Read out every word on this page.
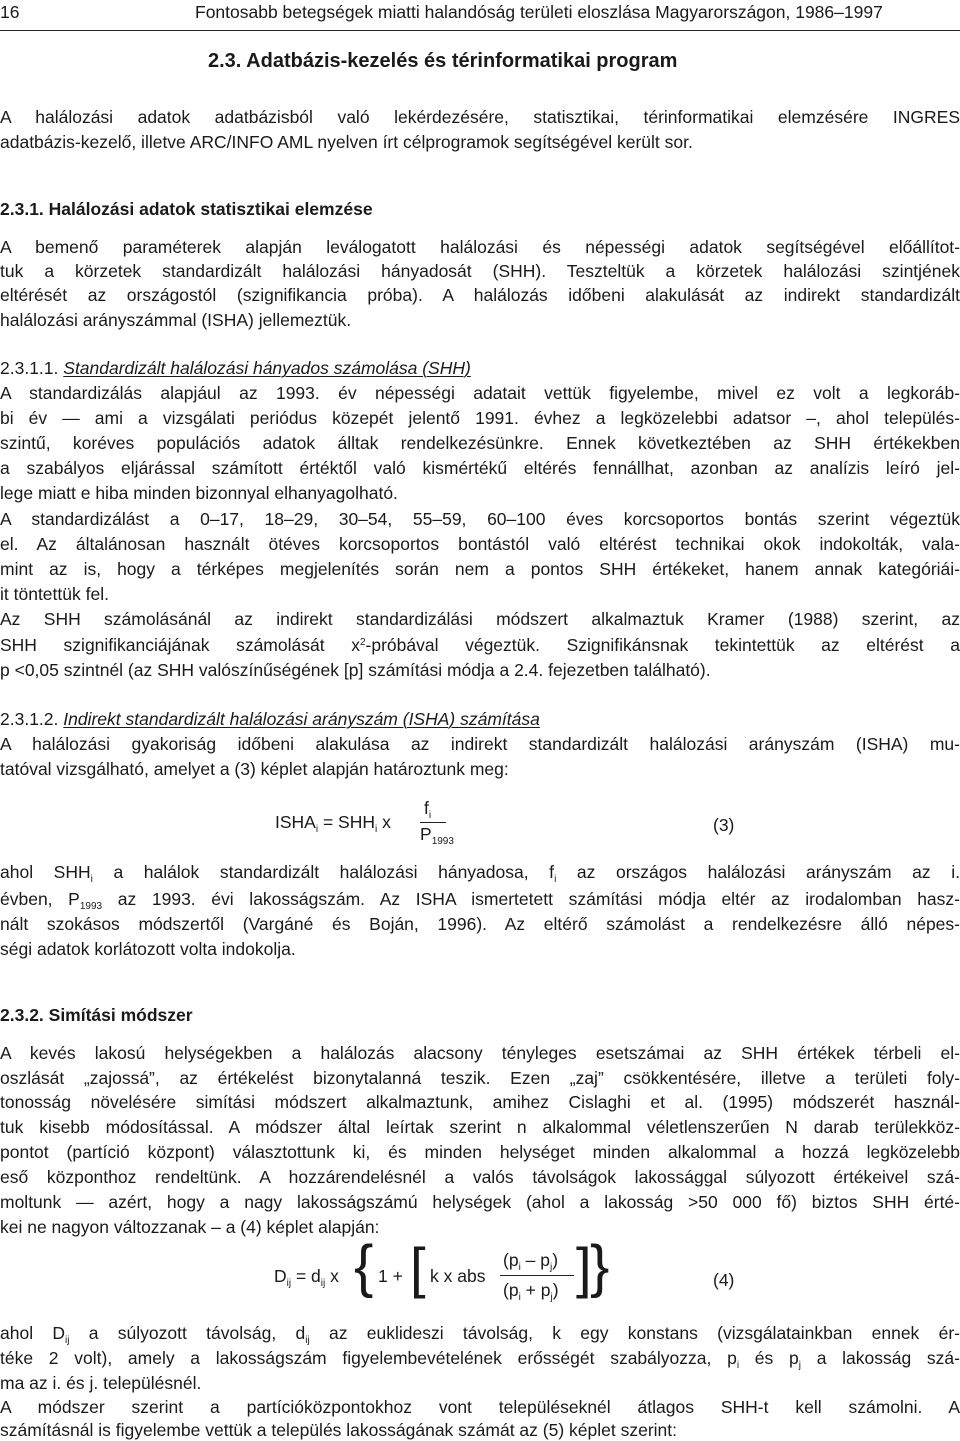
16	Fontosabb betegségek miatti halandóság területi eloszlása Magyarországon, 1986–1997
2.3. Adatbázis-kezelés és térinformatikai program
A halálozási adatok adatbázisból való lekérdezésére, statisztikai, térinformatikai elemzésére INGRES
adatbázis-kezelő, illetve ARC/INFO AML nyelven írt célprogramok segítségével került sor.
2.3.1. Halálozási adatok statisztikai elemzése
A bemenő paraméterek alapján leválogatott halálozási és népességi adatok segítségével előállítot-
tuk a körzetek standardizált halálozási hányadosát (SHH). Teszteltük a körzetek halálozási szintjének
eltérését az országostól (szignifikancia próba). A halálozás időbeni alakulását az indirekt standardizált
halálozási arányszámmal (ISHA) jellemeztük.
2.3.1.1. Standardizált halálozási hányados számolása (SHH)
A standardizálás alapjául az 1993. év népességi adatait vettük figyelembe, mivel ez volt a legkoráb-
bi év — ami a vizsgálati periódus közepét jelentő 1991. évhez a legközelebbi adatsor –, ahol település-
szintű, koréves populációs adatok álltak rendelkezésünkre. Ennek következtében az SHH értékekben
a szabályos eljárással számított értéktől való kismértékű eltérés fennállhat, azonban az analízis leíró jel-
lege miatt e hiba minden bizonnyal elhanyagolható.
A standardizálást a 0–17, 18–29, 30–54, 55–59, 60–100 éves korcsoportos bontás szerint végeztük
el. Az általánosan használt ötéves korcsoportos bontástól való eltérést technikai okok indokolták, vala-
mint az is, hogy a térképes megjelenítés során nem a pontos SHH értékeket, hanem annak kategóriái-
it töntettük fel.
Az SHH számolásánál az indirekt standardizálási módszert alkalmaztuk Kramer (1988) szerint, az
SHH szignifikanciájának számolását $x^2$-próbával végeztük. Szignifikánsnak tekintettük az eltérést a
p <0,05 szintnél (az SHH valószínűségének [p] számítási módja a 2.4. fejezetben található).
2.3.1.2. Indirekt standardizált halálozási arányszám (ISHA) számítása
A halálozási gyakoriság időbeni alakulása az indirekt standardizált halálozási arányszám (ISHA) mu-
tatóval vizsgálható, amelyet a (3) képlet alapján határoztunk meg:
$ISHA_i = SHH_i$ x
$f_i$
$P_{1993}$
(3)
ahol $SHH_i$ a halálok standardizált halálozási hányadosa, $f_i$ az országos halálozási arányszám az i.
évben, $P_{1993}$ az 1993. évi lakosságszám. Az ISHA ismertetett számítási módja eltér az irodalomban hasz-
nált szokásos módszertől (Vargáné és Boján, 1996). Az eltérő számolást a rendelkezésre álló népes-
ségi adatok korlátozott volta indokolja.
2.3.2. Simítási módszer
A kevés lakosú helységekben a halálozás alacsony tényleges esetszámai az SHH értékek térbeli el-
oszlását „zajossá”, az értékelést bizonytalanná teszik. Ezen „zaj” csökkentésére, illetve a területi foly-
tonosság növelésére simítási módszert alkalmaztunk, amihez Cislaghi et al. (1995) módszerét használ-
tuk kisebb módosítással. A módszer által leírtak szerint n alkalommal véletlenszerűen N darab terülekköz-
pontot (partíció központ) választottunk ki, és minden helységet minden alkalommal a hozzá legközelebb
eső központhoz rendeltünk. A hozzárendelésnél a valós távolságok lakossággal súlyozott értékeivel szá-
moltunk — azért, hogy a nagy lakosságszámú helységek (ahol a lakosság >50 000 fő) biztos SHH érté-
kei ne nagyon változzanak – a (4) képlet alapján:
$D_{ij} = d_{ij}$ x { 1 + [ k x abs
$(p_i - p_j)$
$(p_i + p_j)$ ]
}	(4)
ahol $D_{ij}$ a súlyozott távolság, $d_{ij}$ az euklideszi távolság, k egy konstans (vizsgálatainkban ennek ér-
téke 2 volt), amely a lakosságszám figyelembevételének erősségét szabályozza, $p_i$ és $p_j$ a lakosság szá-
ma az i. és j. településnél.
A módszer szerint a partícióközpontokhoz vont településeknél átlagos SHH-t kell számolni. A
számításnál is figyelembe vettük a település lakosságának számát az (5) képlet szerint:
